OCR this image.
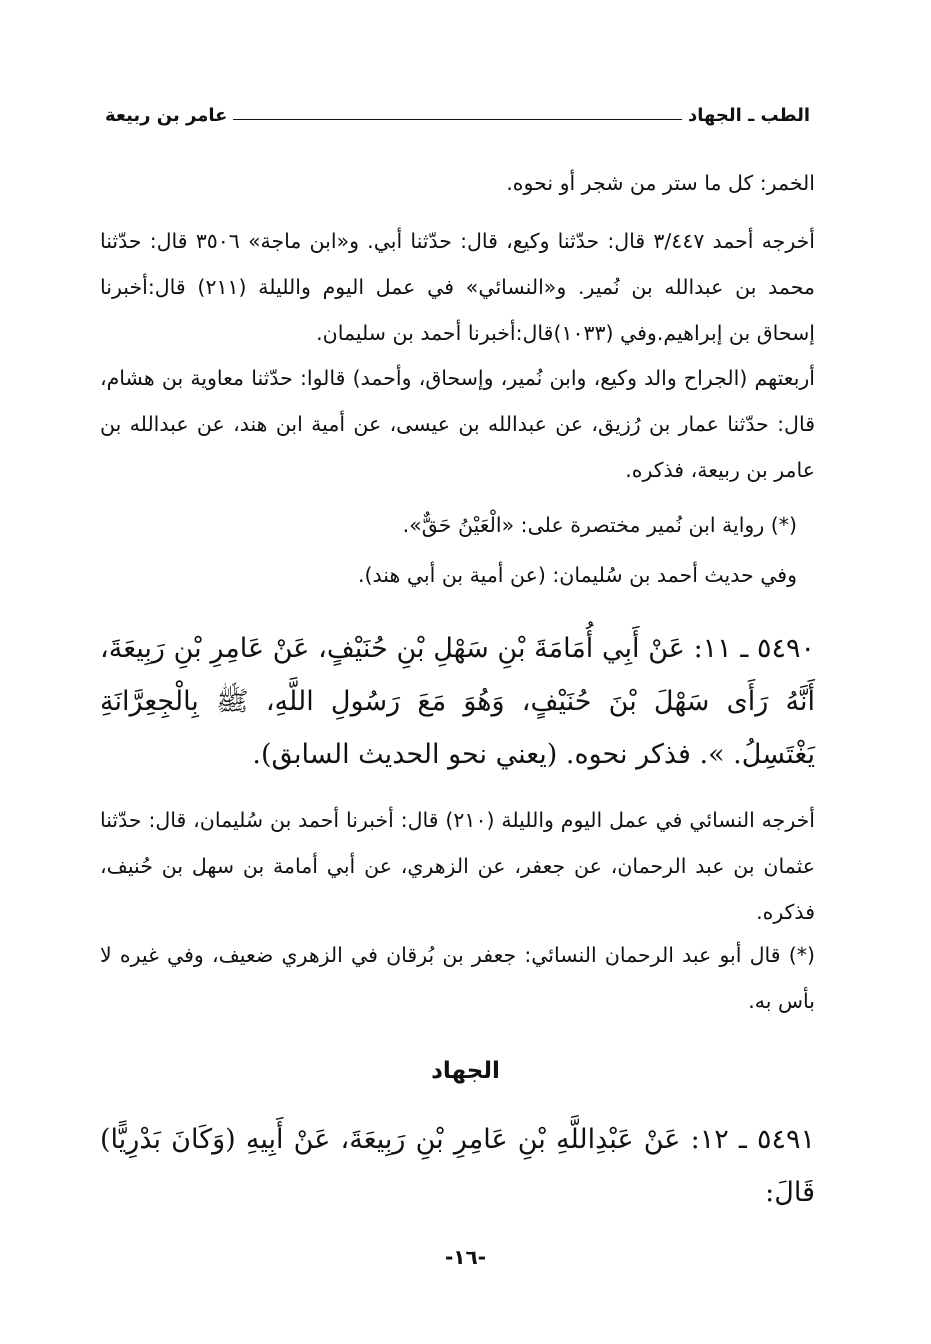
الطب ـ الجهاد
عامر بن ربيعة
الخمر: كل ما ستر من شجر أو نحوه.
أخرجه أحمد ٣/٤٤٧ قال: حدّثنا وكيع، قال: حدّثنا أبي. و«ابن ماجة» ٣٥٠٦ قال: حدّثنا محمد بن عبدالله بن نُمير. و«النسائي» في عمل اليوم والليلة (٢١١) قال:أخبرنا إسحاق بن إبراهيم.وفي (١٠٣٣)قال:أخبرنا أحمد بن سليمان.
أربعتهم (الجراح والد وكيع، وابن نُمير، وإسحاق، وأحمد) قالوا: حدّثنا معاوية بن هشام، قال: حدّثنا عمار بن رُزيق، عن عبدالله بن عيسى، عن أمية ابن هند، عن عبدالله بن عامر بن ربيعة، فذكره.
(*) رواية ابن نُمير مختصرة على: «الْعَيْنُ حَقٌّ».
وفي حديث أحمد بن سُليمان: (عن أمية بن أبي هند).
٥٤٩٠ ـ ١١: عَنْ أَبِي أُمَامَةَ بْنِ سَهْلِ بْنِ حُنَيْفٍ، عَنْ عَامِرِ بْنِ رَبِيعَةَ، أَنَّهُ رَأَى سَهْلَ بْنَ حُنَيْفٍ، وَهُوَ مَعَ رَسُولِ اللَّهِ، ﷺ بِالْجِعِرَّانَةِ يَغْتَسِلُ. ». فذكر نحوه. (يعني نحو الحديث السابق).
أخرجه النسائي في عمل اليوم والليلة (٢١٠) قال: أخبرنا أحمد بن سُليمان، قال: حدّثنا عثمان بن عبد الرحمان، عن جعفر، عن الزهري، عن أبي أمامة بن سهل بن حُنيف، فذكره.
(*) قال أبو عبد الرحمان النسائي: جعفر بن بُرقان في الزهري ضعيف، وفي غيره لا بأس به.
الجهاد
٥٤٩١ ـ ١٢: عَنْ عَبْدِاللَّهِ بْنِ عَامِرِ بْنِ رَبِيعَةَ، عَنْ أَبِيهِ (وَكَانَ بَدْرِيًّا) قَالَ:
-١٦-
